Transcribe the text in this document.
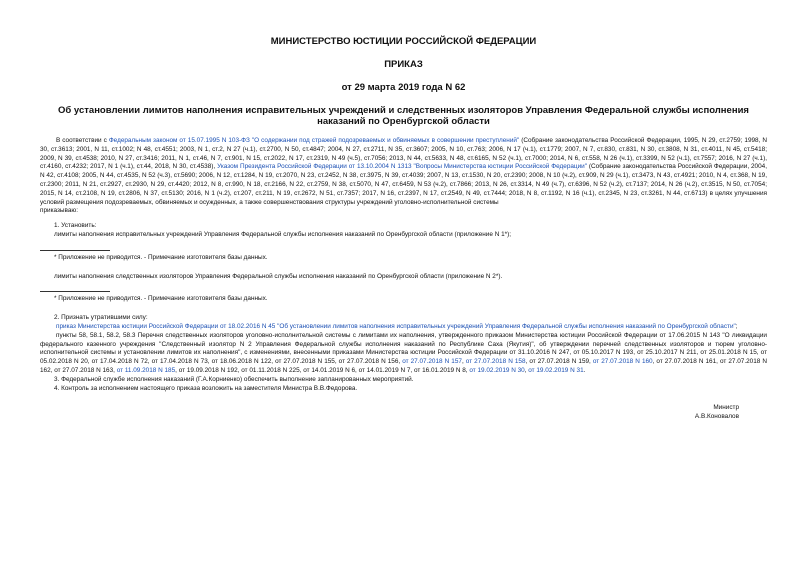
МИНИСТЕРСТВО ЮСТИЦИИ РОССИЙСКОЙ ФЕДЕРАЦИИ
ПРИКАЗ
от 29 марта 2019 года N 62
Об установлении лимитов наполнения исправительных учреждений и следственных изоляторов Управления Федеральной службы исполнения наказаний по Оренбургской области

В соответствии с Федеральным законом от 15.07.1995 N 103-ФЗ "О содержании под стражей подозреваемых и обвиняемых в совершении преступлений" (Собрание законодательства Российской Федерации, 1995, N 29, ст.2759; 1998, N 30, ст.3613; 2001, N 11, ст.1002; N 48, ст.4551; 2003, N 1, ст.2, N 27 (ч.1), ст.2700, N 50, ст.4847; 2004, N 27, ст.2711, N 35, ст.3607; 2005, N 10, ст.763; 2006, N 17 (ч.1), ст.1779; 2007, N 7, ст.830, ст.831, N 30, ст.3808, N 31, ст.4011, N 45, ст.5418; 2009, N 39, ст.4538; 2010, N 27, ст.3416; 2011, N 1, ст.46, N 7, ст.901, N 15, ст.2022, N 17, ст.2319, N 49 (ч.5), ст.7056; 2013, N 44, ст.5633, N 48, ст.6165, N 52 (ч.1), ст.7000; 2014, N 6, ст.558, N 26 (ч.1), ст.3399, N 52 (ч.1), ст.7557; 2016, N 27 (ч.1), ст.4160, ст.4232; 2017, N 1 (ч.1), ст.44, 2018, N 30, ст.4538), Указом Президента Российской Федерации от 13.10.2004 N 1313 "Вопросы Министерства юстиции Российской Федерации" (Собрание законодательства Российской Федерации, 2004, N 42, ст.4108; 2005, N 44, ст.4535, N 52 (ч.3), ст.5690; 2006, N 12, ст.1284, N 19, ст.2070, N 23, ст.2452, N 38, ст.3975, N 39, ст.4039; 2007, N 13, ст.1530, N 20, ст.2390; 2008, N 10 (ч.2), ст.909, N 29 (ч.1), ст.3473, N 43, ст.4921; 2010, N 4, ст.368, N 19, ст.2300; 2011, N 21, ст.2927, ст.2930, N 29, ст.4420; 2012, N 8, ст.990, N 18, ст.2166, N 22, ст.2759, N 38, ст.5070, N 47, ст.6459, N 53 (ч.2), ст.7866; 2013, N 26, ст.3314, N 49 (ч.7), ст.6396, N 52 (ч.2), ст.7137; 2014, N 26 (ч.2), ст.3515, N 50, ст.7054; 2015, N 14, ст.2108, N 19, ст.2806, N 37, ст.5130; 2016, N 1 (ч.2), ст.207, ст.211, N 19, ст.2672, N 51, ст.7357; 2017, N 16, ст.2397, N 17, ст.2549, N 49, ст.7444; 2018, N 8, ст.1192, N 16 (ч.1), ст.2345, N 23, ст.3261, N 44, ст.6713) в целях улучшения условий размещения подозреваемых, обвиняемых и осужденных, а также совершенствования структуры учреждений уголовно-исполнительной системы

приказываю:

1. Установить:

лимиты наполнения исправительных учреждений Управления Федеральной службы исполнения наказаний по Оренбургской области (приложение N 1*);

* Приложение не приводится. - Примечание изготовителя базы данных.

лимиты наполнения следственных изоляторов Управления Федеральной службы исполнения наказаний по Оренбургской области (приложение N 2*).

* Приложение не приводится. - Примечание изготовителя базы данных.

2. Признать утратившими силу:

приказ Министерства юстиции Российской Федерации от 18.02.2016 N 45 "Об установлении лимитов наполнения исправительных учреждений Управления Федеральной службы исполнения наказаний по Оренбургской области";

пункты 58, 58.1, 58.2, 58.3 Перечня следственных изоляторов уголовно-исполнительной системы с лимитами их наполнения, утвержденного приказом Министерства юстиции Российской Федерации от 17.06.2015 N 143 "О ликвидации федерального казенного учреждения "Следственный изолятор N 2 Управления Федеральной службы исполнения наказаний по Республике Саха (Якутия)", об утверждении перечней следственных изоляторов и тюрем уголовно-исполнительной системы и установлении лимитов их наполнения", с изменениями, внесенными приказами Министерства юстиции Российской Федерации от 31.10.2016 N 247, от 05.10.2017 N 193, от 25.10.2017 N 211, от 25.01.2018 N 15, от 05.02.2018 N 20, от 17.04.2018 N 72, от 17.04.2018 N 73, от 18.06.2018 N 122, от 27.07.2018 N 155, от 27.07.2018 N 156, от 27.07.2018 N 157, от 27.07.2018 N 158, от 27.07.2018 N 159, от 27.07.2018 N 160, от 27.07.2018 N 161, от 27.07.2018 N 162, от 27.07.2018 N 163, от 11.09.2018 N 185, от 19.09.2018 N 192, от 01.11.2018 N 225, от 14.01.2019 N 6, от 14.01.2019 N 7, от 16.01.2019 N 8, от 19.02.2019 N 30, от 19.02.2019 N 31.

3. Федеральной службе исполнения наказаний (Г.А.Корниенко) обеспечить выполнение запланированных мероприятий.

4. Контроль за исполнением настоящего приказа возложить на заместителя Министра В.В.Федорова.

Министр
А.В.Коновалов
